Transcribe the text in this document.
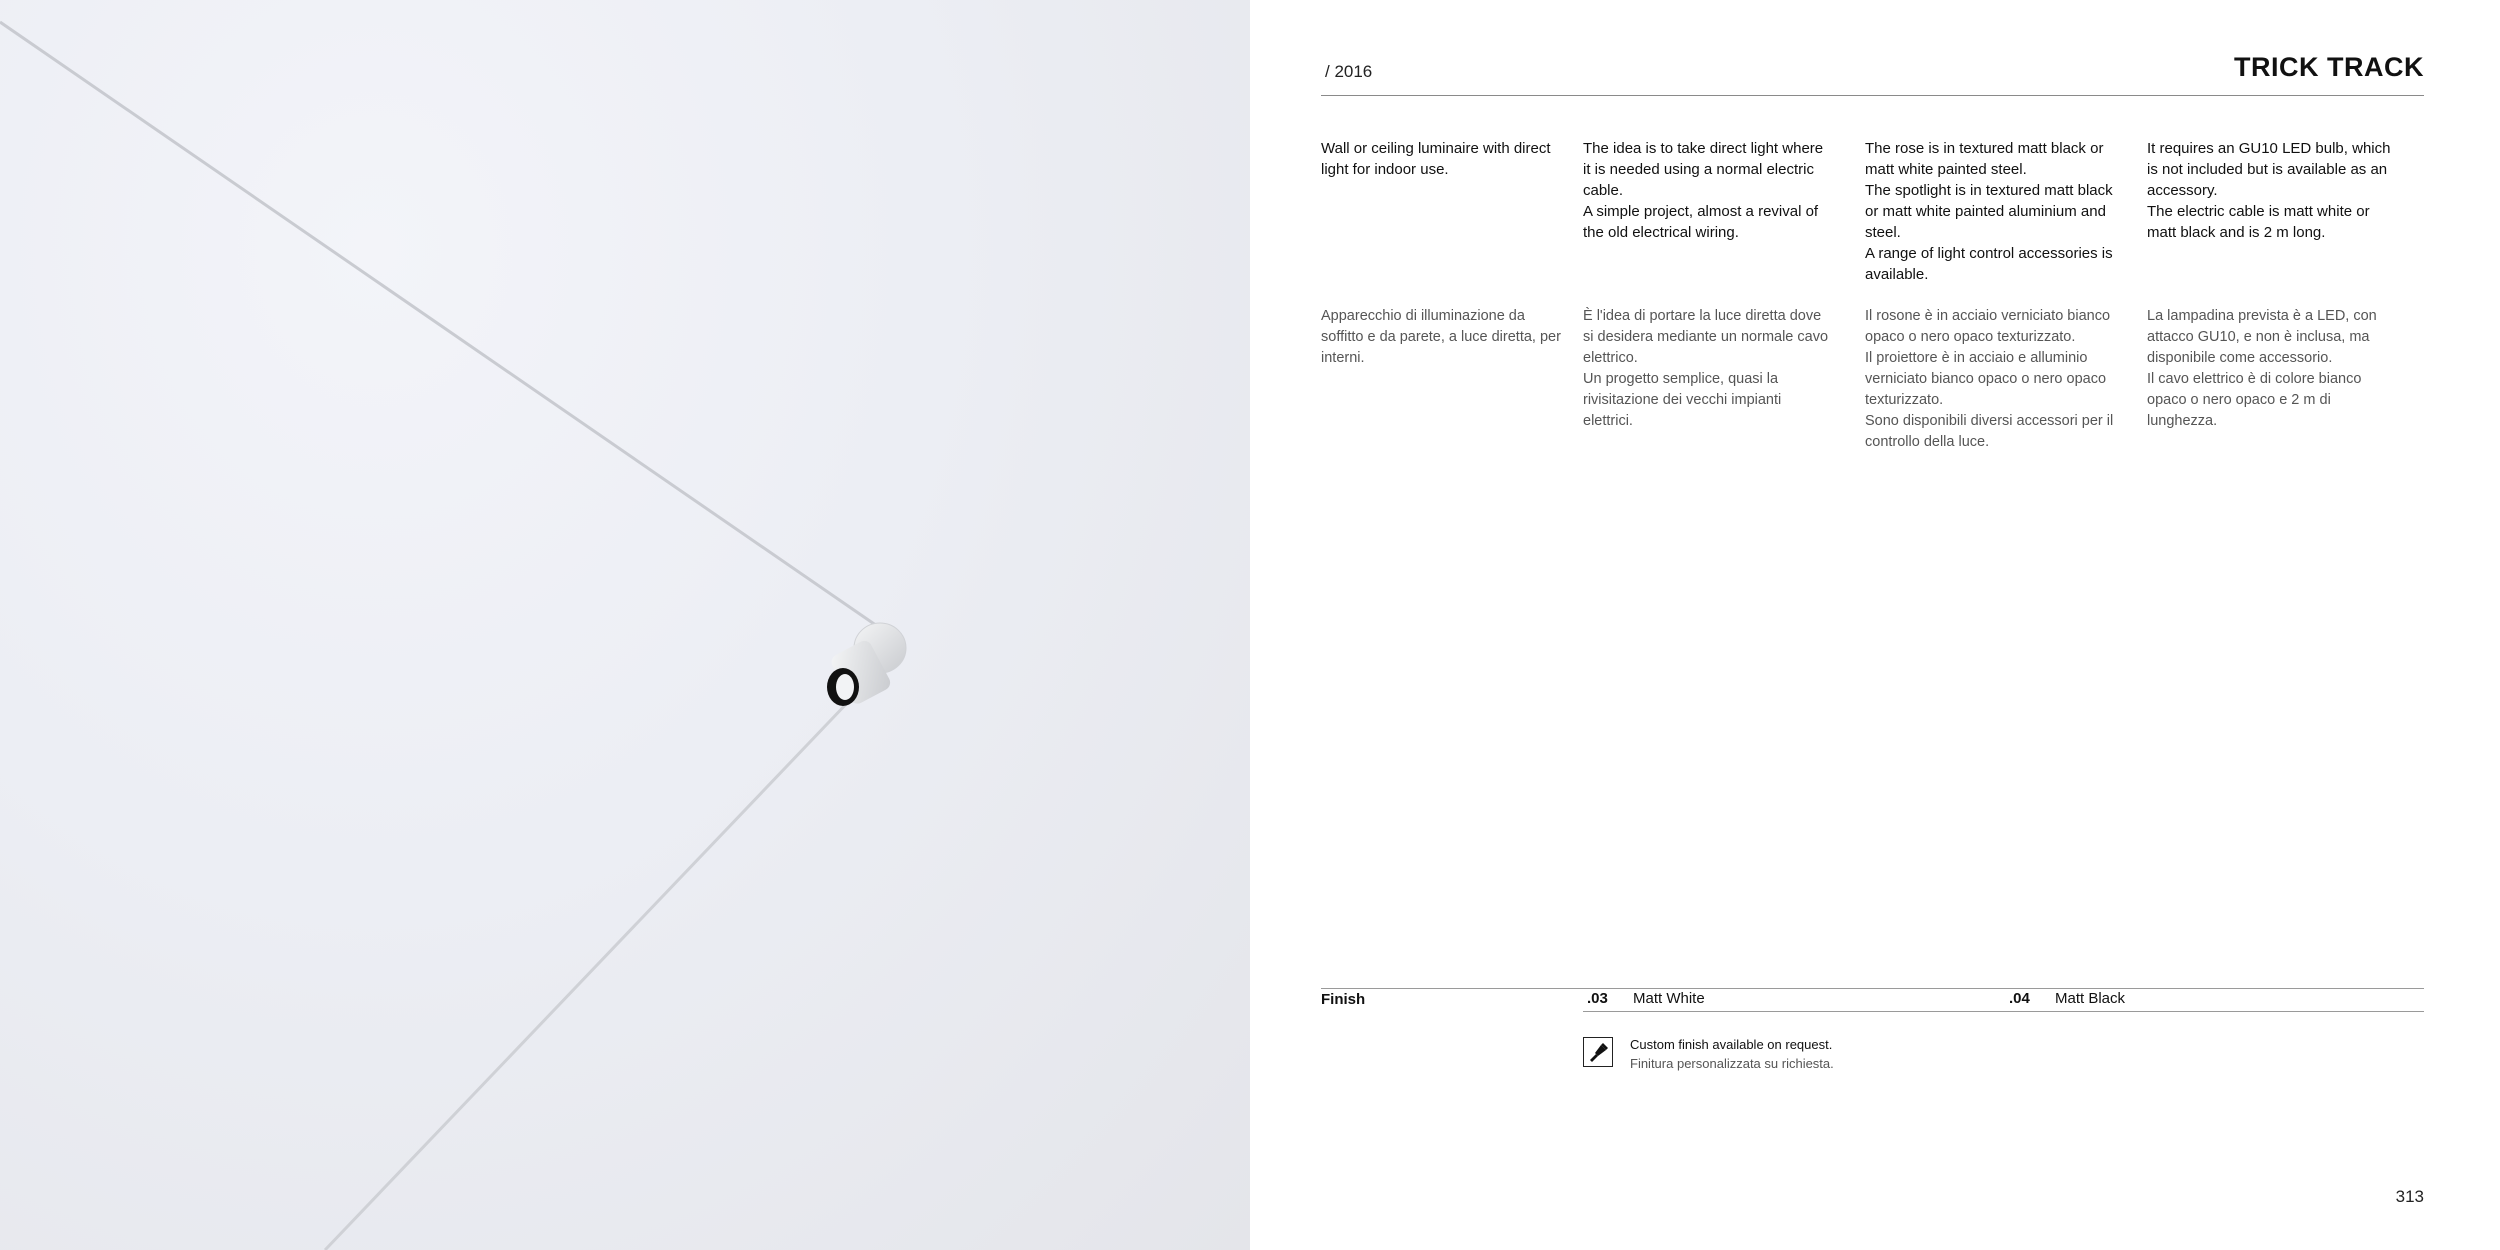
/ 2016	TRICK TRACK

Wall or ceiling luminaire with direct light for indoor use.

The idea is to take direct light where it is needed using a normal electric cable.

A simple project, almost a revival of the old electrical wiring.

The rose is in textured matt black or matt white painted steel.

The spotlight is in textured matt black or matt white painted aluminium and steel.

A range of light control accessories is available.

It requires an GU10 LED bulb, which is not included but is available as an accessory.

The electric cable is matt white or matt black and is 2 m long.

Apparecchio di illuminazione da soffitto e da parete, a luce diretta, per interni.

È l'idea di portare la luce diretta dove si desidera mediante un normale cavo elettrico.

Un progetto semplice, quasi la rivisitazione dei vecchi impianti elettrici.

Il rosone è in acciaio verniciato bianco opaco o nero opaco texturizzato.

Il proiettore è in acciaio e alluminio verniciato bianco opaco o nero opaco texturizzato.

Sono disponibili diversi accessori per il controllo della luce.

La lampadina prevista è a LED, con attacco GU10, e non è inclusa, ma disponibile come accessorio.

Il cavo elettrico è di colore bianco opaco o nero opaco e 2 m di lunghezza.

Finish	.03 Matt White	.04 Matt Black
Custom finish available on request.
Finitura personalizzata su richiesta.
313
